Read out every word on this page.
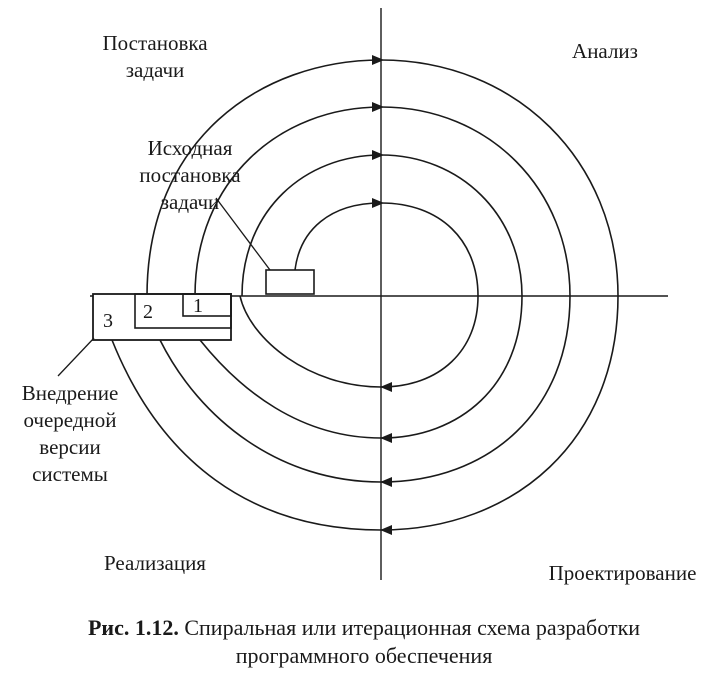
1
2
3
Постановка
задачи
Анализ
Исходная
постановка
задачи
Внедрение
очередной
версии
системы
Реализация	Проектирование
Рис. 1.12. Спиральная или итерационная схема разработки
программного обеспечения
